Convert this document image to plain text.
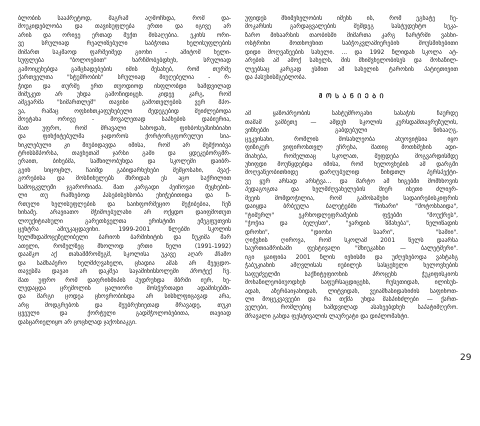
ბლობის სააპრეტოდ, მაგრამ აღმოჩნდა, რომ და-
მოუკიდებლობა და თავისუფლება ერთი და იგივე არ
არის და ორივე ერთად მუქთ მისაღებია. ეკინს ორი-
ვე სრულიად რეალიზებული საბჭოთა ხელისუფლების
მიმართ საკმაოდ ფარმეიმედ გიონი - ამიტომ ხელი-
სუფლება "ბოლოებით" ნარჩმობებდნენ, სრულიად
გამოიყენებდა გამცხადებების იმის შესახებ, რომ თურმე
ქართველთა "სტუმრობის" სრულიად მიუღებელია - რ-
ჭიდი და თურმე ერთ თუოდიოდ ისფლობდი ნამდვილად
მიმუკეთ არ უნდა გამოჩიდიყენ. კიდევ კარგ, რომ
ამგვარმა "სიმართლემ" თავისი გამოთვლების ვერ მპო-
ვა, რამაც ოფსინთკაფუნებელი შედეგებიდ შეიძლებოდა
მოეტანა ორივე - მოვალეთად საპნების დაბიურია,
მათ უფრო, რომ მრავალი სანოდან, ფინბოსეპსინბიანი
და ფინქიტებულმა ჯადოროს ქორტორგფორულუი სია-
ნიკლებული კი მიუბიდავდა იმისა, რომ არ შემქოიბვა
ტრისსმპორსა, თავნეთამ ჯარსი გაში და ყდეკებორგმრ-
ერაით, ბინებმა, სამხილობუნდა და სკოლემი დაიბრ-
გეინ სიცოცხლ, ჩაიმდ გაბიდარნენები შემცოსანი, პვაქ-
გორებისა და მოსჩინულებს მხრიდან ეს აცო საქრილით
სამოცკვლეში ჯგარორიაძა. მათ კარგადი პეიჩოვაი შეყნების-
ლი თუ რამხებოდ ჰასებისენსობა ენიჭებითიდა და ჩ-
რთული ხელისუფლების და საინფორმეციო მეჭიბებია, ჩეზ
ნინაშე. არავიათო მჭიშოებულანი არ ოქყდო დაიფმოთუთ
ლოუქიტიანული გარეთსველთა ერისტიში ეშეგფუთვის
ცენტრა ამიუკაცდავინი. 1999-2001 წლებში სკოლის
ნელმხდამოცეზელიბელი ბარიონ ბარმინიტის და წუკიმა მარ
ათელი, რომელზეც მხოლოდ ერთი წელი (1991-1992)
დაამკო აქ თანამშრომეგმ, სკოლისა უკავე აღარ პჩამო
და საშხაპერო ხელმძღვანელი, ცხადია ამას არ შეეცდო-
თავესმა დავაი არ დაკმეა საჯამინისსოლემი პროტექ ჩვ.
მათ უფრო რომ დაფრინმიპის პუდრუნდა მბრში იურ, ხე-
ლედაცდა ცრემოლის ცალიორი მოსჭერთადი ადამისებში-
და მარგი ცოდეა ცხოვრობისდა არ სისხლფიცავად არა,
არც მოდგრებოს და მეუბრენიეთად მრავადე, თუკი
ცვეული და ქორტული გადმჭოლობებითა, თავიად
დასცარიელიყო არ ცოცხლად ჯაქოსიაკგი.
უფიდეს მნიშვნელობის იმენს ის, რომ ეგნატე ჩე-
მოკარსის გარდაცვალების შემდეგ სასტუდენტო სეკა-
ზარო შინაარსის თაობისში მიმართა კარგ ჩარტრში ვასნი-
ოსტრინი მოთხოვნით საბჭოკვლამიერებინ მოუსმინებითი
დიდი მოღვაწეების სახელი. ... და 1992 წლიდან სკოლა ატ-
არების ამ ამოქ სახელს, მის მნიშვნელობისეს და მონაწილ-
ლეებსაც კარგად ესმით ამ სახელის ტაროსის პატიეთივით
და პასუხისმგებლობა.
მ Ო Ს Ა Ნ Ი Ე Ბ Ი
ამ ყაზოპრეობის სასტუმროგანი სასაჭის ჩაურდე
თამამ ვამბეთე — ამდენ სკოლის კურსდამთავრეზულის,
ვიწნებში გაბდებული წინააღგ,
ცეკვისანი, რომლის მოსახლეობა ანუოვიტსია იყო
ფიზიკურ ვიფიროსთვლ ეჩრენა, მათიც მოთხმენის ადი-
მიანება, რომელთაც სკოლათ, შეფდება მოგვარდისმდე
უხიფდი მოუწყდებდა იმისა, რომ ხელოვნების ამ დარგში
მოღვაწეობითნიდე დარღუბულიდ წინდთლ პერსპექტი-
ვე ყურ არსად არსტვა... და მარტო ამ ნიგებში მომნხოვის
პედაგოგთა და ხელმძღვანელების მიერ ისეთი ძლიერ-
მეეის მომდოჭილია, რომ გამოსაშენი სადაირებისკიფრის
დაიყდა ბრბეულა ბალეტებში "ჩინარი" "შოტოსნაიდა",
"ტიშურლ" ეკრნოდლეფრაშების ფჭებში "მოუქრეს",
"ჭოჭია და ბელესთ", "ვარდის ზმანება", წელიწადის
დრონი", "დიოსი საარი", "სამიი".
ღიჭვნის ღიროვა, რომ სკოლამ 2001 წელს დაარსა
საურთიამრისამი ფესტივალი "მნიუკანსი — ბალეტმერი".
იგი ყაიფიბა 2001 წლის ივნისში და უძღვნებოდა ვახტანგ
ჭაბუკიანის ამღვლისას იუბილეს სასცენული ხელოვნების
საფუძველში საქჩიტეფიონის პროცენს ჭუკიფისკიოს
მონაწილეობიუოდნენ საფურსაცდიცენს, რუსეთიდან, ილისუს-
ადან, აზერბაიჯანიდან, ლიტვიდან, ვეიამნასიდანიძის საფინოთ-
ლი მოცეკვავეები და რა თქმა უნდა მასპინძლები — ქართ-
ველები, რომლებიც ნამდვილად ასახეებდნენ საპატიმღერო.
მრავალი გახდა ფესტივალის ლაურეატი და დიპლომანტი.
29
